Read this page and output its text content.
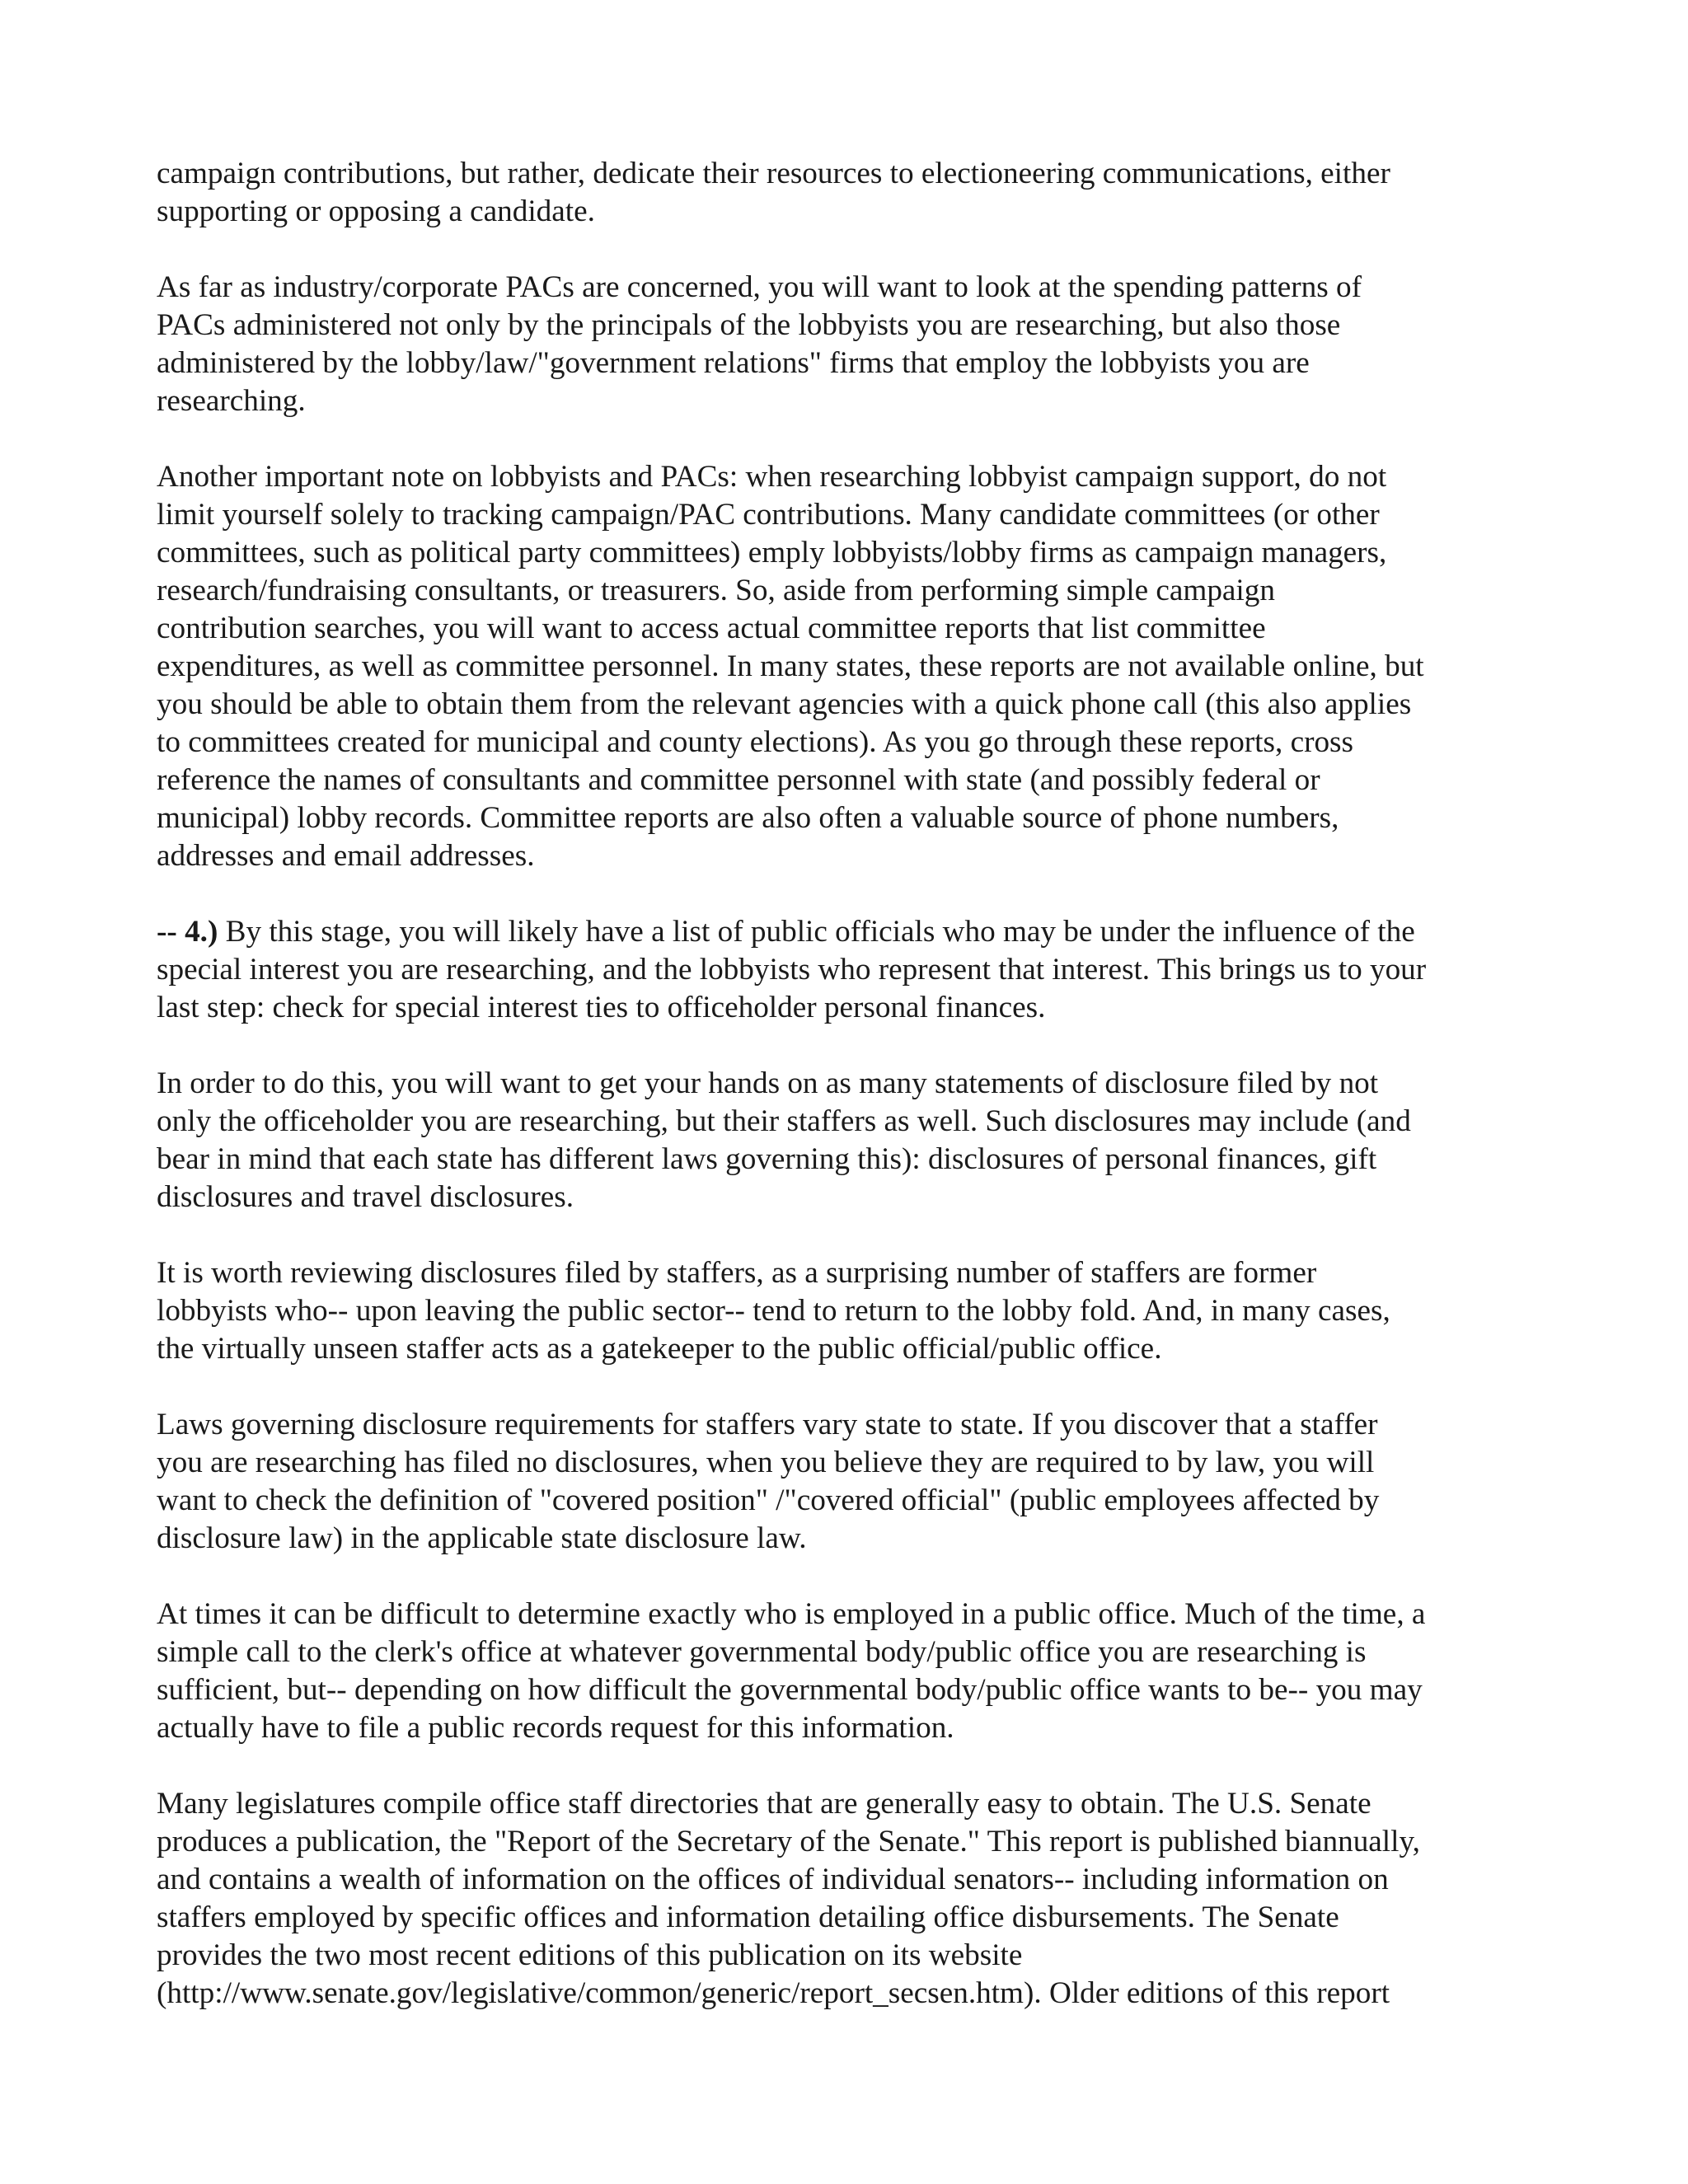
campaign contributions, but rather, dedicate their resources to electioneering communications, either
supporting or opposing a candidate.

As far as industry/corporate PACs are concerned, you will want to look at the spending patterns of
PACs administered not only by the principals of the lobbyists you are researching, but also those
administered by the lobby/law/"government relations" firms that employ the lobbyists you are
researching.

Another important note on lobbyists and PACs: when researching lobbyist campaign support, do not
limit yourself solely to tracking campaign/PAC contributions. Many candidate committees (or other
committees, such as political party committees) emply lobbyists/lobby firms as campaign managers,
research/fundraising consultants, or treasurers. So, aside from performing simple campaign
contribution searches, you will want to access actual committee reports that list committee
expenditures, as well as committee personnel. In many states, these reports are not available online, but
you should be able to obtain them from the relevant agencies with a quick phone call (this also applies
to committees created for municipal and county elections). As you go through these reports, cross
reference the names of consultants and committee personnel with state (and possibly federal or
municipal) lobby records. Committee reports are also often a valuable source of phone numbers,
addresses and email addresses.

-- 4.) By this stage, you will likely have a list of public officials who may be under the influence of the
special interest you are researching, and the lobbyists who represent that interest. This brings us to your
last step: check for special interest ties to officeholder personal finances.

In order to do this, you will want to get your hands on as many statements of disclosure filed by not
only the officeholder you are researching, but their staffers as well. Such disclosures may include (and
bear in mind that each state has different laws governing this): disclosures of personal finances, gift
disclosures and travel disclosures.

It is worth reviewing disclosures filed by staffers, as a surprising number of staffers are former
lobbyists who-- upon leaving the public sector-- tend to return to the lobby fold. And, in many cases,
the virtually unseen staffer acts as a gatekeeper to the public official/public office.

Laws governing disclosure requirements for staffers vary state to state. If you discover that a staffer
you are researching has filed no disclosures, when you believe they are required to by law, you will
want to check the definition of "covered position" /"covered official" (public employees affected by
disclosure law) in the applicable state disclosure law.

At times it can be difficult to determine exactly who is employed in a public office. Much of the time, a
simple call to the clerk's office at whatever governmental body/public office you are researching is
sufficient, but-- depending on how difficult the governmental body/public office wants to be-- you may
actually have to file a public records request for this information.

Many legislatures compile office staff directories that are generally easy to obtain. The U.S. Senate
produces a publication, the "Report of the Secretary of the Senate." This report is published biannually,
and contains a wealth of information on the offices of individual senators-- including information on
staffers employed by specific offices and information detailing office disbursements. The Senate
provides the two most recent editions of this publication on its website
(http://www.senate.gov/legislative/common/generic/report_secsen.htm). Older editions of this report
